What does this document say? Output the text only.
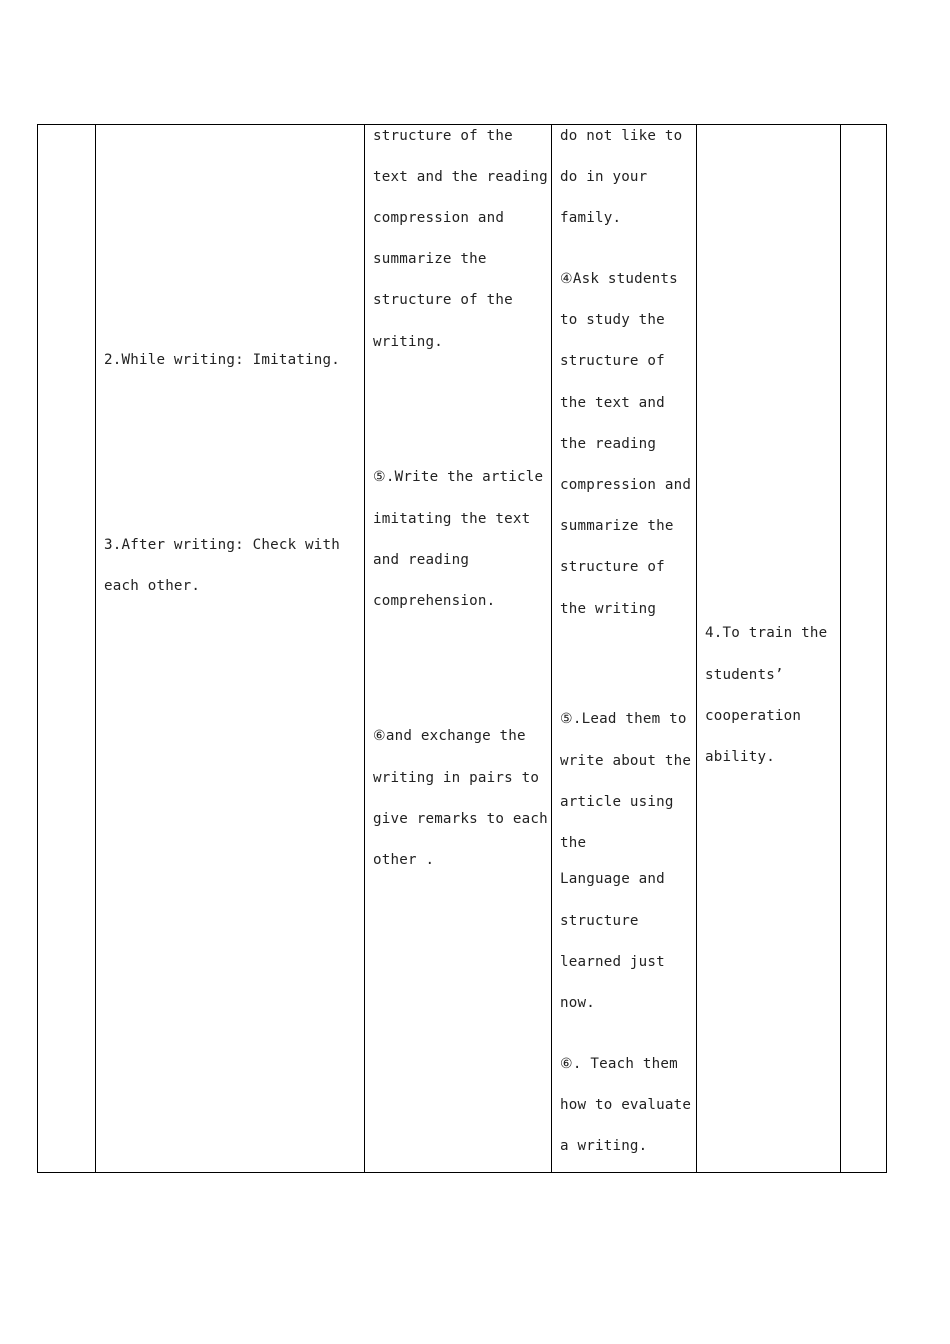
2.While writing: Imitating.
3.After writing: Check with
each other.
structure of the
text and the reading
compression and
summarize the
structure of the
writing.
⑤.Write the article
imitating the text
and reading
comprehension.
⑥and exchange the
writing in pairs to
give remarks to each
other .
do not like to
do in your
family.
④Ask students
to study the
structure of
the text and
the reading
compression and
summarize the
structure of
the writing
⑤.Lead them to
write about the
article using
the
Language and
structure
learned just
now.
⑥. Teach them
how to evaluate
a writing.
4.To train the
students’
cooperation
ability.
